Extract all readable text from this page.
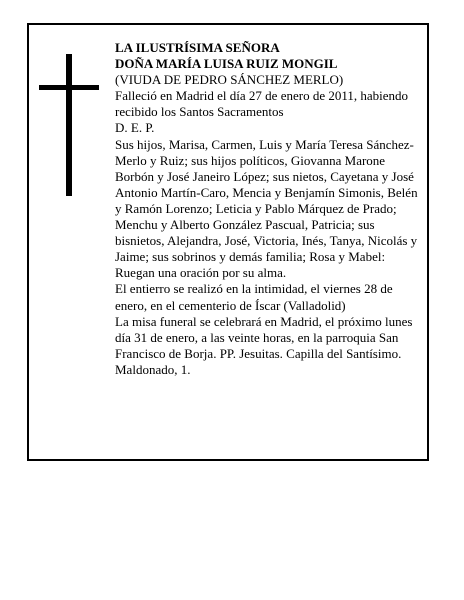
LA ILUSTRÍSIMA SEÑORA

DOÑA MARÍA LUISA RUIZ MONGIL

(VIUDA DE PEDRO SÁNCHEZ MERLO)

Falleció en Madrid el día 27 de enero de 2011, habiendo recibido los Santos Sacramentos

D. E. P.

Sus hijos, Marisa, Carmen, Luis y María Teresa Sánchez-Merlo y Ruiz; sus hijos políticos, Giovanna Marone Borbón y José Janeiro López; sus nietos, Cayetana y José Antonio Martín-Caro, Mencia y Benjamín Simonis, Belén y Ramón Lorenzo; Leticia y Pablo Márquez de Prado; Menchu y Alberto González Pascual, Patricia; sus bisnietos, Alejandra, José, Victoria, Inés, Tanya, Nicolás y Jaime; sus sobrinos y demás familia; Rosa y Mabel:

Ruegan una oración por su alma.

El entierro se realizó en la intimidad, el viernes 28 de enero, en el cementerio de Íscar (Valladolid)

La misa funeral se celebrará en Madrid, el próximo lunes día 31 de enero, a las veinte horas, en la parroquia San Francisco de Borja. PP. Jesuitas. Capilla del Santísimo. Maldonado, 1.
